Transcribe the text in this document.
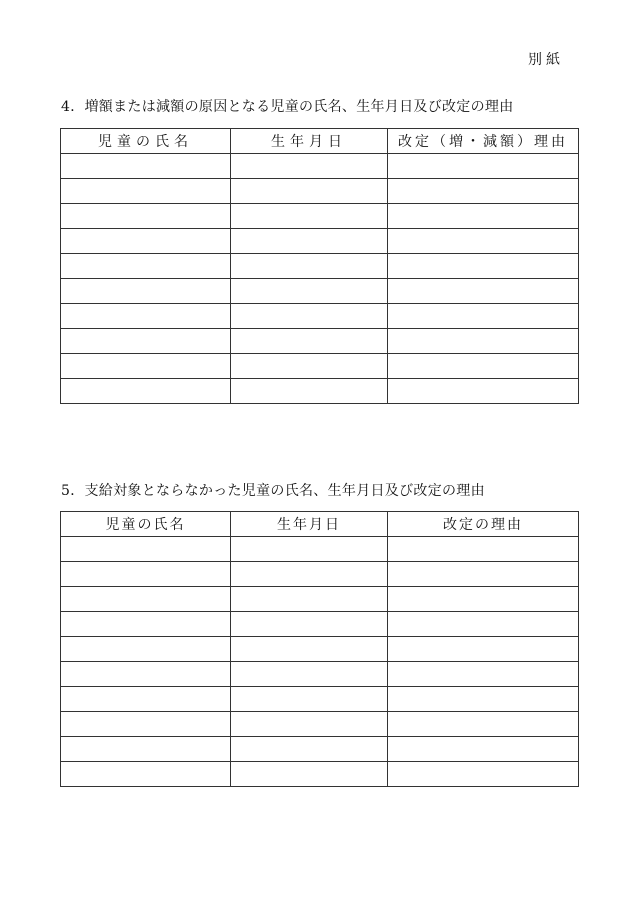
別紙
4．増額または減額の原因となる児童の氏名、生年月日及び改定の理由
児童の氏名	生年月日	改定（増・減額）理由

5．支給対象とならなかった児童の氏名、生年月日及び改定の理由
児童の氏名	生年月日	改定の理由
